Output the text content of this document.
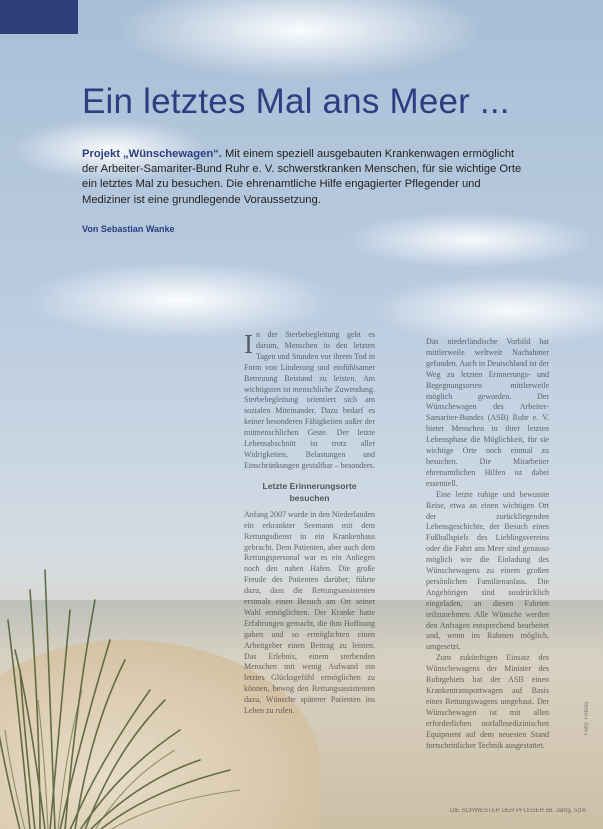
Ein letztes Mal ans Meer ...

Projekt „Wünschewagen“. Mit einem speziell ausgebauten Krankenwagen ermöglicht der Arbeiter-Samariter-Bund Ruhr e. V. schwerstkranken Menschen, für sie wichtige Orte ein letztes Mal zu besuchen. Die ehrenamtliche Hilfe engagierter Pflegender und Mediziner ist eine grundlegende Voraussetzung.

Von Sebastian Wanke

In der Sterbebegleitung geht es darum, Menschen in den letzten Tagen und Stunden vor ihrem Tod in Form von Linderung und einfühlsamer Betreuung Beistand zu leisten. Am wichtigsten ist menschliche Zuwendung. Sterbebegleitung orientiert sich am sozialen Miteinander. Dazu bedarf es keiner besonderen Fähigkeiten außer der mitmenschlichen Geste. Der letzte Lebensabschnitt ist trotz aller Widrigkeiten, Belastungen und Einschränkungen gestaltbar – besonders.

Letzte Erinnerungsorte besuchen

Anfang 2007 wurde in den Niederlanden ein erkrankter Seemann mit dem Rettungsdienst in ein Krankenhaus gebracht. Dem Patienten, aber auch dem Rettungspersonal war es ein Anliegen noch den nahen Hafen. Die große Freude des Patienten darüber, führte dazu, dass die Rettungsassistenten erstmals einen Besuch am Ort seiner Wahl ermöglichten. Der Kranke hatte Erfahrungen gemacht, die ihm Hoffnung gaben und so ermöglichten einen Arbeitgeber einen Beitrag zu leisten. Das Erlebnis, einem sterbenden Menschen mit wenig Aufwand ein letztes Glücksgefühl ermöglichen zu können, bewog den Rettungsassistenten dazu, Wünsche späterer Patienten ins Leben zu rufen.

Das niederländische Vorbild hat mittlerweile weltweit Nachahmer gefunden. Auch in Deutschland ist der Weg zu letzten Erinnerungs- und Begegnungsorten mittlerweile möglich geworden. Der Wünschewagen des Arbeiter-Samariter-Bundes (ASB) Ruhr e. V. bietet Menschen in ihrer letzten Lebensphase die Möglichkeit, für sie wichtige Orte noch einmal zu besuchen. Die Mitarbeiter ehrenamtlichen Hilfen ist dabei essentiell.

Eine letzte ruhige und bewusste Reise, etwa an einen wichtigen Ort der zurückliegenden Lebensgeschichte, der Besuch eines Fußballspiels des Lieblingsvereins oder die Fahrt ans Meer sind genauso möglich wie die Einladung des Wünschewagens zu einem großen persönlichen Familienanlass. Die Angehörigen sind ausdrücklich eingeladen, an diesen Fahrten teilzunehmen. Alle Wünsche werden den Anfragen entsprechend bearbeitet und, wenn im Rahmen möglich, umgesetzt.

Zum zukünftigen Einsatz des Wünschewagens der Minister des Ruhrgebiets hat der ASB einen Krankentransportwagen auf Basis eines Rettungswagens umgebaut. Der Wünschewagen ist mit allen erforderlichen notfallmedizinischen Equipment auf dem neuesten Stand fortschrittlicher Technik ausgestattet.

Foto: Fotolia
DIE SCHWESTER DER PFLEGER 56. Jahrg. 5|16
